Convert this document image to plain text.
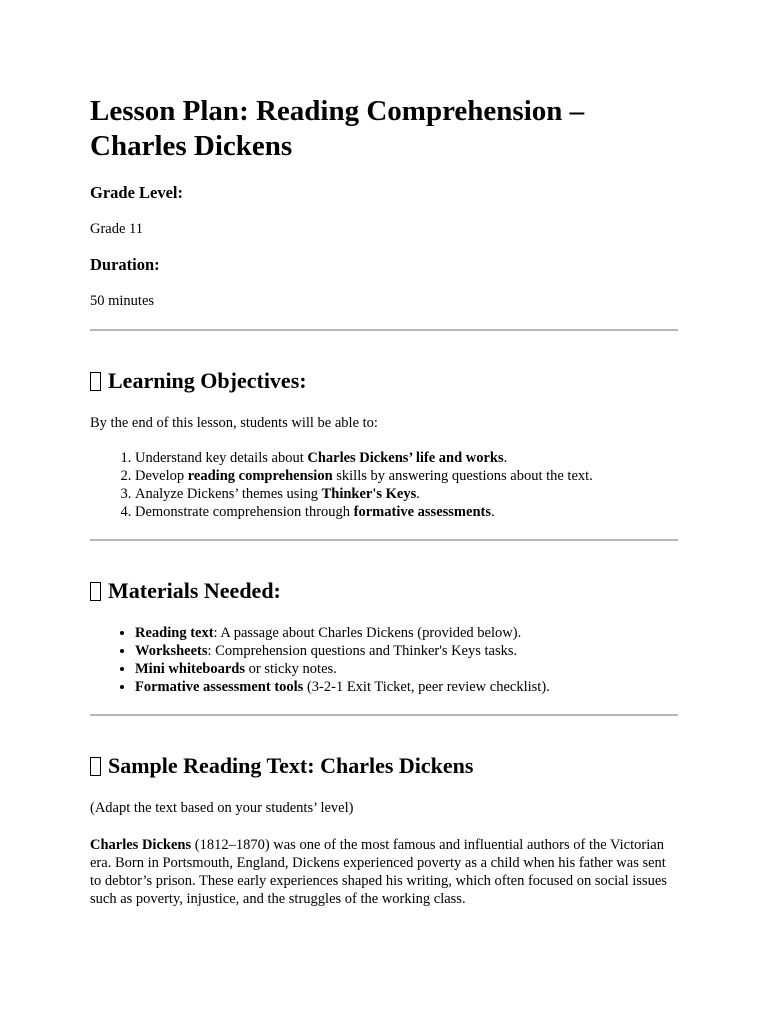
Lesson Plan: Reading Comprehension – Charles Dickens
Grade Level:

Grade 11

Duration:

50 minutes

Learning Objectives:

By the end of this lesson, students will be able to:

1. Understand key details about Charles Dickens’ life and works.
2. Develop reading comprehension skills by answering questions about the text.
3. Analyze Dickens’ themes using Thinker's Keys.
4. Demonstrate comprehension through formative assessments.
Materials Needed:
• Reading text: A passage about Charles Dickens (provided below).
• Worksheets: Comprehension questions and Thinker's Keys tasks.
• Mini whiteboards or sticky notes.
• Formative assessment tools (3-2-1 Exit Ticket, peer review checklist).
Sample Reading Text: Charles Dickens

(Adapt the text based on your students’ level)

Charles Dickens (1812–1870) was one of the most famous and influential authors of the Victorian era. Born in Portsmouth, England, Dickens experienced poverty as a child when his father was sent to debtor’s prison. These early experiences shaped his writing, which often focused on social issues such as poverty, injustice, and the struggles of the working class.
